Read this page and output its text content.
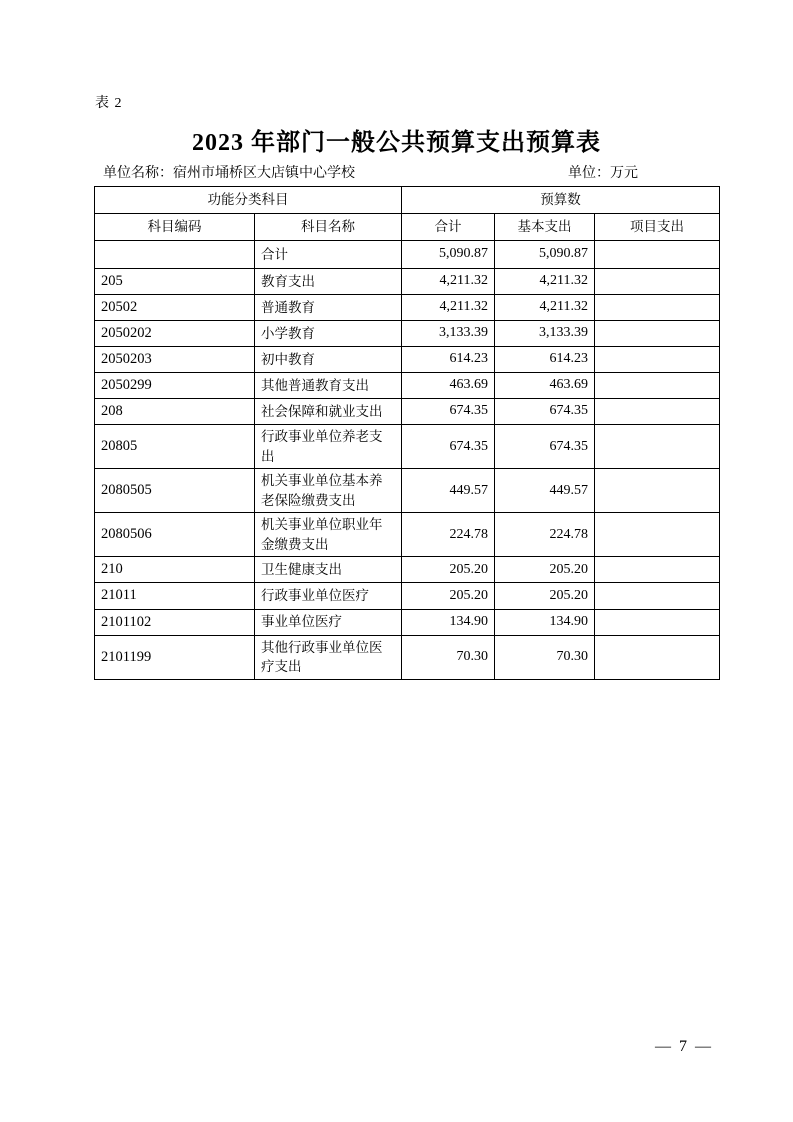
表 2
2023 年部门一般公共预算支出预算表
单位名称：宿州市埇桥区大店镇中心学校	单位：万元
功能分类科目		预算数		
科目编码	科目名称	合计	基本支出	项目支出
	合计	5,090.87	5,090.87	
205	教育支出	4,211.32	4,211.32	
20502	普通教育	4,211.32	4,211.32	
2050202	小学教育	3,133.39	3,133.39	
2050203	初中教育	614.23	614.23	
2050299	其他普通教育支出	463.69	463.69	
208	社会保障和就业支出	674.35	674.35	
20805	行政事业单位养老支出	674.35	674.35	
2080505	机关事业单位基本养老保险缴费支出	449.57	449.57	
2080506	机关事业单位职业年金缴费支出	224.78	224.78	
210	卫生健康支出	205.20	205.20	
21011	行政事业单位医疗	205.20	205.20	
2101102	事业单位医疗	134.90	134.90	
2101199	其他行政事业单位医疗支出	70.30	70.30	
— 7 —
